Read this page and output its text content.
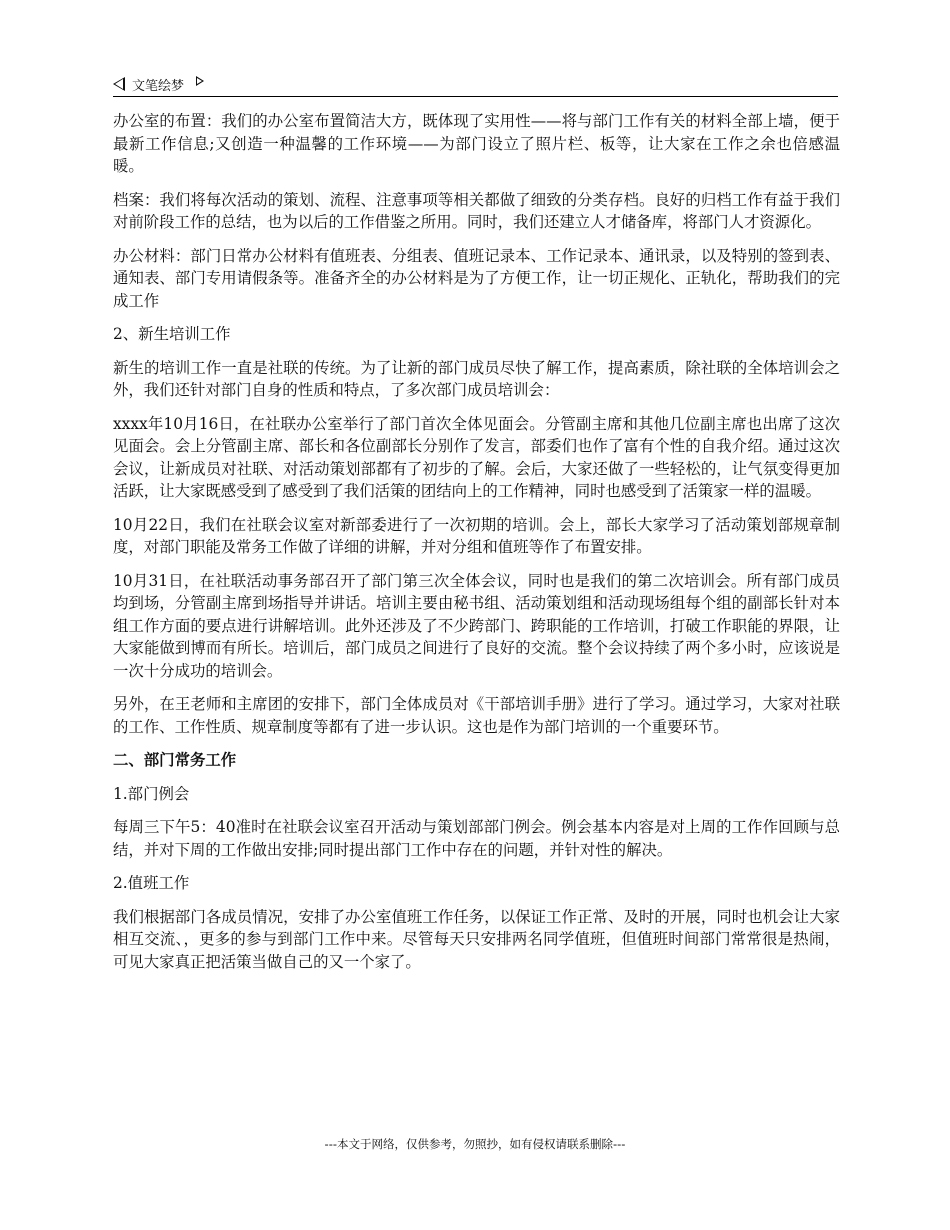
文笔绘梦

办公室的布置：我们的办公室布置简洁大方，既体现了实用性——将与部门工作有关的材料全部上墙，便于最新工作信息;又创造一种温馨的工作环境——为部门设立了照片栏、板等，让大家在工作之余也倍感温暖。

档案：我们将每次活动的策划、流程、注意事项等相关都做了细致的分类存档。良好的归档工作有益于我们对前阶段工作的总结，也为以后的工作借鉴之所用。同时，我们还建立人才储备库，将部门人才资源化。

办公材料：部门日常办公材料有值班表、分组表、值班记录本、工作记录本、通讯录，以及特别的签到表、通知表、部门专用请假条等。准备齐全的办公材料是为了方便工作，让一切正规化、正轨化，帮助我们的完成工作

2、新生培训工作

新生的培训工作一直是社联的传统。为了让新的部门成员尽快了解工作，提高素质，除社联的全体培训会之外，我们还针对部门自身的性质和特点，了多次部门成员培训会：

xxxx年10月16日，在社联办公室举行了部门首次全体见面会。分管副主席和其他几位副主席也出席了这次见面会。会上分管副主席、部长和各位副部长分别作了发言，部委们也作了富有个性的自我介绍。通过这次会议，让新成员对社联、对活动策划部都有了初步的了解。会后，大家还做了一些轻松的，让气氛变得更加活跃，让大家既感受到了感受到了我们活策的团结向上的工作精神，同时也感受到了活策家一样的温暖。

10月22日，我们在社联会议室对新部委进行了一次初期的培训。会上，部长大家学习了活动策划部规章制度，对部门职能及常务工作做了详细的讲解，并对分组和值班等作了布置安排。

10月31日，在社联活动事务部召开了部门第三次全体会议，同时也是我们的第二次培训会。所有部门成员均到场，分管副主席到场指导并讲话。培训主要由秘书组、活动策划组和活动现场组每个组的副部长针对本组工作方面的要点进行讲解培训。此外还涉及了不少跨部门、跨职能的工作培训，打破工作职能的界限，让大家能做到博而有所长。培训后，部门成员之间进行了良好的交流。整个会议持续了两个多小时，应该说是一次十分成功的培训会。

另外，在王老师和主席团的安排下，部门全体成员对《干部培训手册》进行了学习。通过学习，大家对社联的工作、工作性质、规章制度等都有了进一步认识。这也是作为部门培训的一个重要环节。

二、部门常务工作

1.部门例会

每周三下午5：40准时在社联会议室召开活动与策划部部门例会。例会基本内容是对上周的工作作回顾与总结，并对下周的工作做出安排;同时提出部门工作中存在的问题，并针对性的解决。

2.值班工作

我们根据部门各成员情况，安排了办公室值班工作任务，以保证工作正常、及时的开展，同时也机会让大家相互交流、，更多的参与到部门工作中来。尽管每天只安排两名同学值班，但值班时间部门常常很是热闹，可见大家真正把活策当做自己的又一个家了。

---本文于网络，仅供参考，勿照抄，如有侵权请联系删除---
